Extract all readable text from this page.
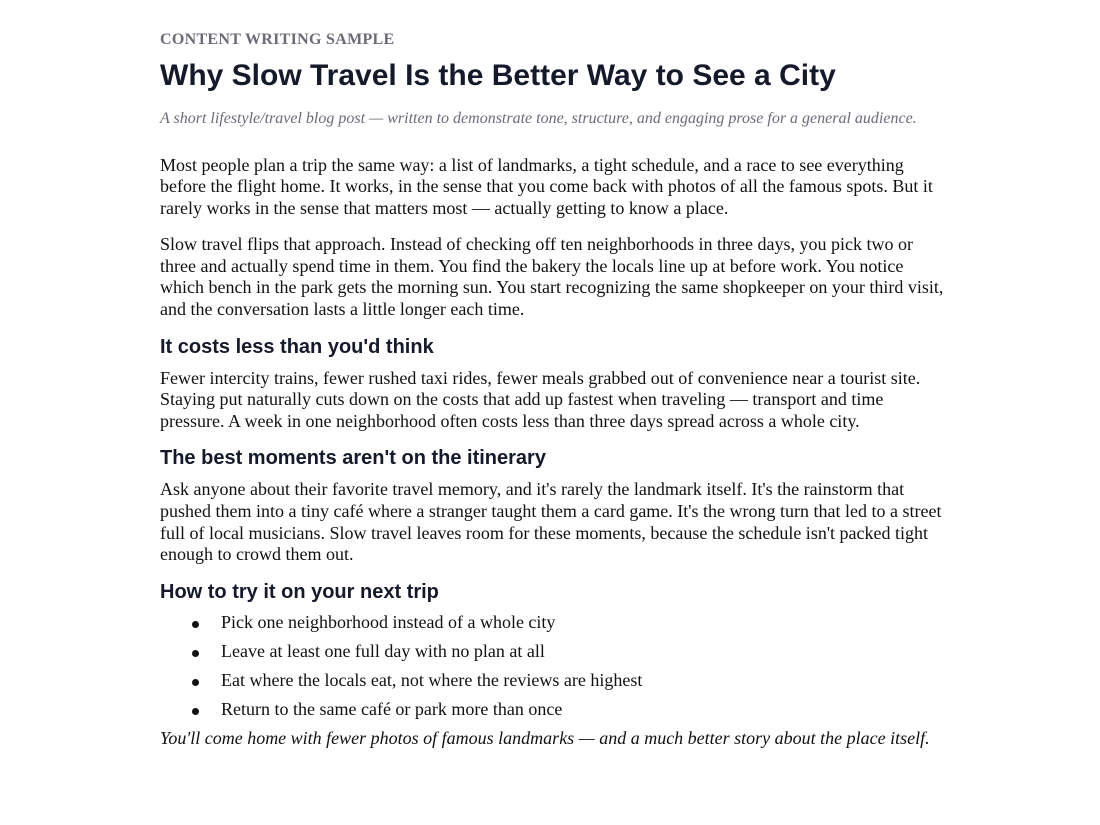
CONTENT WRITING SAMPLE

Why Slow Travel Is the Better Way to See a City

A short lifestyle/travel blog post — written to demonstrate tone, structure, and engaging prose for a general audience.

Most people plan a trip the same way: a list of landmarks, a tight schedule, and a race to see everything before the flight home. It works, in the sense that you come back with photos of all the famous spots. But it rarely works in the sense that matters most — actually getting to know a place.

Slow travel flips that approach. Instead of checking off ten neighborhoods in three days, you pick two or three and actually spend time in them. You find the bakery the locals line up at before work. You notice which bench in the park gets the morning sun. You start recognizing the same shopkeeper on your third visit, and the conversation lasts a little longer each time.

It costs less than you'd think

Fewer intercity trains, fewer rushed taxi rides, fewer meals grabbed out of convenience near a tourist site. Staying put naturally cuts down on the costs that add up fastest when traveling — transport and time pressure. A week in one neighborhood often costs less than three days spread across a whole city.

The best moments aren't on the itinerary

Ask anyone about their favorite travel memory, and it's rarely the landmark itself. It's the rainstorm that pushed them into a tiny café where a stranger taught them a card game. It's the wrong turn that led to a street full of local musicians. Slow travel leaves room for these moments, because the schedule isn't packed tight enough to crowd them out.

How to try it on your next trip
Pick one neighborhood instead of a whole city
Leave at least one full day with no plan at all
Eat where the locals eat, not where the reviews are highest
Return to the same café or park more than once

You'll come home with fewer photos of famous landmarks — and a much better story about the place itself.
